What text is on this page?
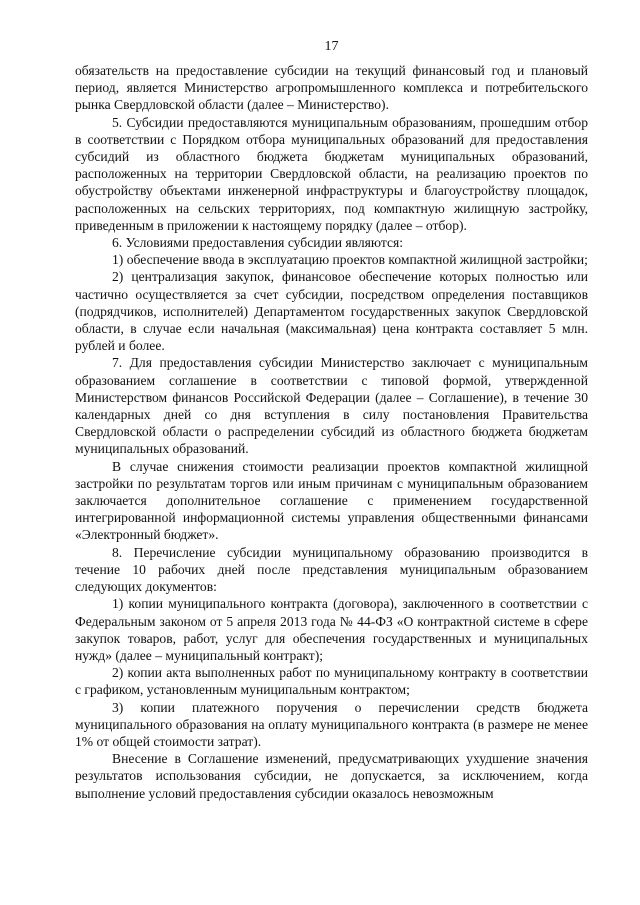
17

обязательств на предоставление субсидии на текущий финансовый год и плановый период, является Министерство агропромышленного комплекса и потребительского рынка Свердловской области (далее – Министерство).

5. Субсидии предоставляются муниципальным образованиям, прошедшим отбор в соответствии с Порядком отбора муниципальных образований для предоставления субсидий из областного бюджета бюджетам муниципальных образований, расположенных на территории Свердловской области, на реализацию проектов по обустройству объектами инженерной инфраструктуры и благоустройству площадок, расположенных на сельских территориях, под компактную жилищную застройку, приведенным в приложении к настоящему порядку (далее – отбор).

6. Условиями предоставления субсидии являются:

1) обеспечение ввода в эксплуатацию проектов компактной жилищной застройки;

2) централизация закупок, финансовое обеспечение которых полностью или частично осуществляется за счет субсидии, посредством определения поставщиков (подрядчиков, исполнителей) Департаментом государственных закупок Свердловской области, в случае если начальная (максимальная) цена контракта составляет 5 млн. рублей и более.

7. Для предоставления субсидии Министерство заключает с муниципальным образованием соглашение в соответствии с типовой формой, утвержденной Министерством финансов Российской Федерации (далее – Соглашение), в течение 30 календарных дней со дня вступления в силу постановления Правительства Свердловской области о распределении субсидий из областного бюджета бюджетам муниципальных образований.

В случае снижения стоимости реализации проектов компактной жилищной застройки по результатам торгов или иным причинам с муниципальным образованием заключается дополнительное соглашение с применением государственной интегрированной информационной системы управления общественными финансами «Электронный бюджет».

8. Перечисление субсидии муниципальному образованию производится в течение 10 рабочих дней после представления муниципальным образованием следующих документов:

1) копии муниципального контракта (договора), заключенного в соответствии с Федеральным законом от 5 апреля 2013 года № 44-ФЗ «О контрактной системе в сфере закупок товаров, работ, услуг для обеспечения государственных и муниципальных нужд» (далее – муниципальный контракт);

2) копии акта выполненных работ по муниципальному контракту в соответствии с графиком, установленным муниципальным контрактом;

3) копии платежного поручения о перечислении средств бюджета муниципального образования на оплату муниципального контракта (в размере не менее 1% от общей стоимости затрат).

Внесение в Соглашение изменений, предусматривающих ухудшение значения результатов использования субсидии, не допускается, за исключением, когда выполнение условий предоставления субсидии оказалось невозможным
